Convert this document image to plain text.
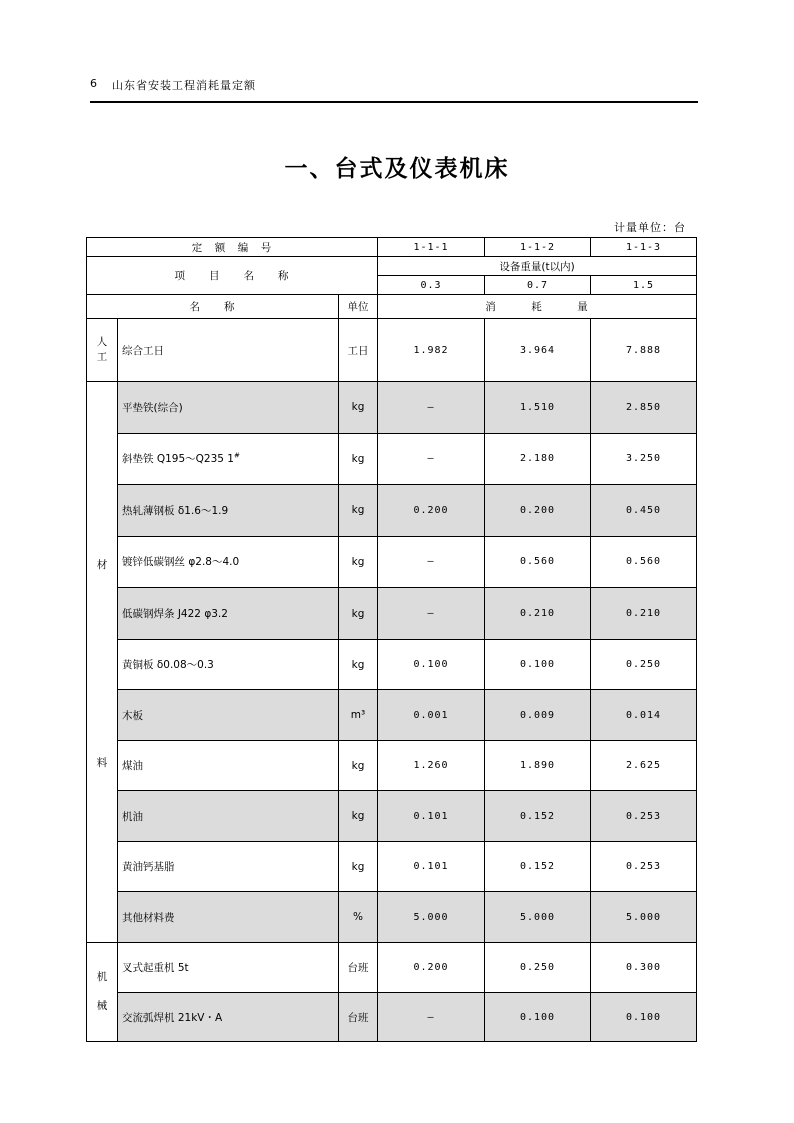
6 山东省安装工程消耗量定额
一、台式及仪表机床
计量单位：台
定　额　编　号			1-1-1	1-1-2	1-1-3
项　　目　　名　　称			设备重量(t以内)		
			0.3	0.7	1.5
名　　称		单位	消　　　耗　　　量		

人
工	综合工日	工日	1.982	3.964	7.888

材
料	平垫铁(综合)	kg	—	1.510	2.850
	斜垫铁 Q195～Q235 1#	kg	—	2.180	3.250
	热轧薄钢板 δ1.6～1.9	kg	0.200	0.200	0.450
	镀锌低碳钢丝 φ2.8～4.0	kg	—	0.560	0.560
	低碳钢焊条 J422 φ3.2	kg	—	0.210	0.210
	黄铜板 δ0.08～0.3	kg	0.100	0.100	0.250
	木板	m³	0.001	0.009	0.014
	煤油	kg	1.260	1.890	2.625
	机油	kg	0.101	0.152	0.253
	黄油钙基脂	kg	0.101	0.152	0.253
	其他材料费	%	5.000	5.000	5.000

机
械	叉式起重机 5t	台班	0.200	0.250	0.300
	交流弧焊机 21kV・A	台班	—	0.100	0.100
